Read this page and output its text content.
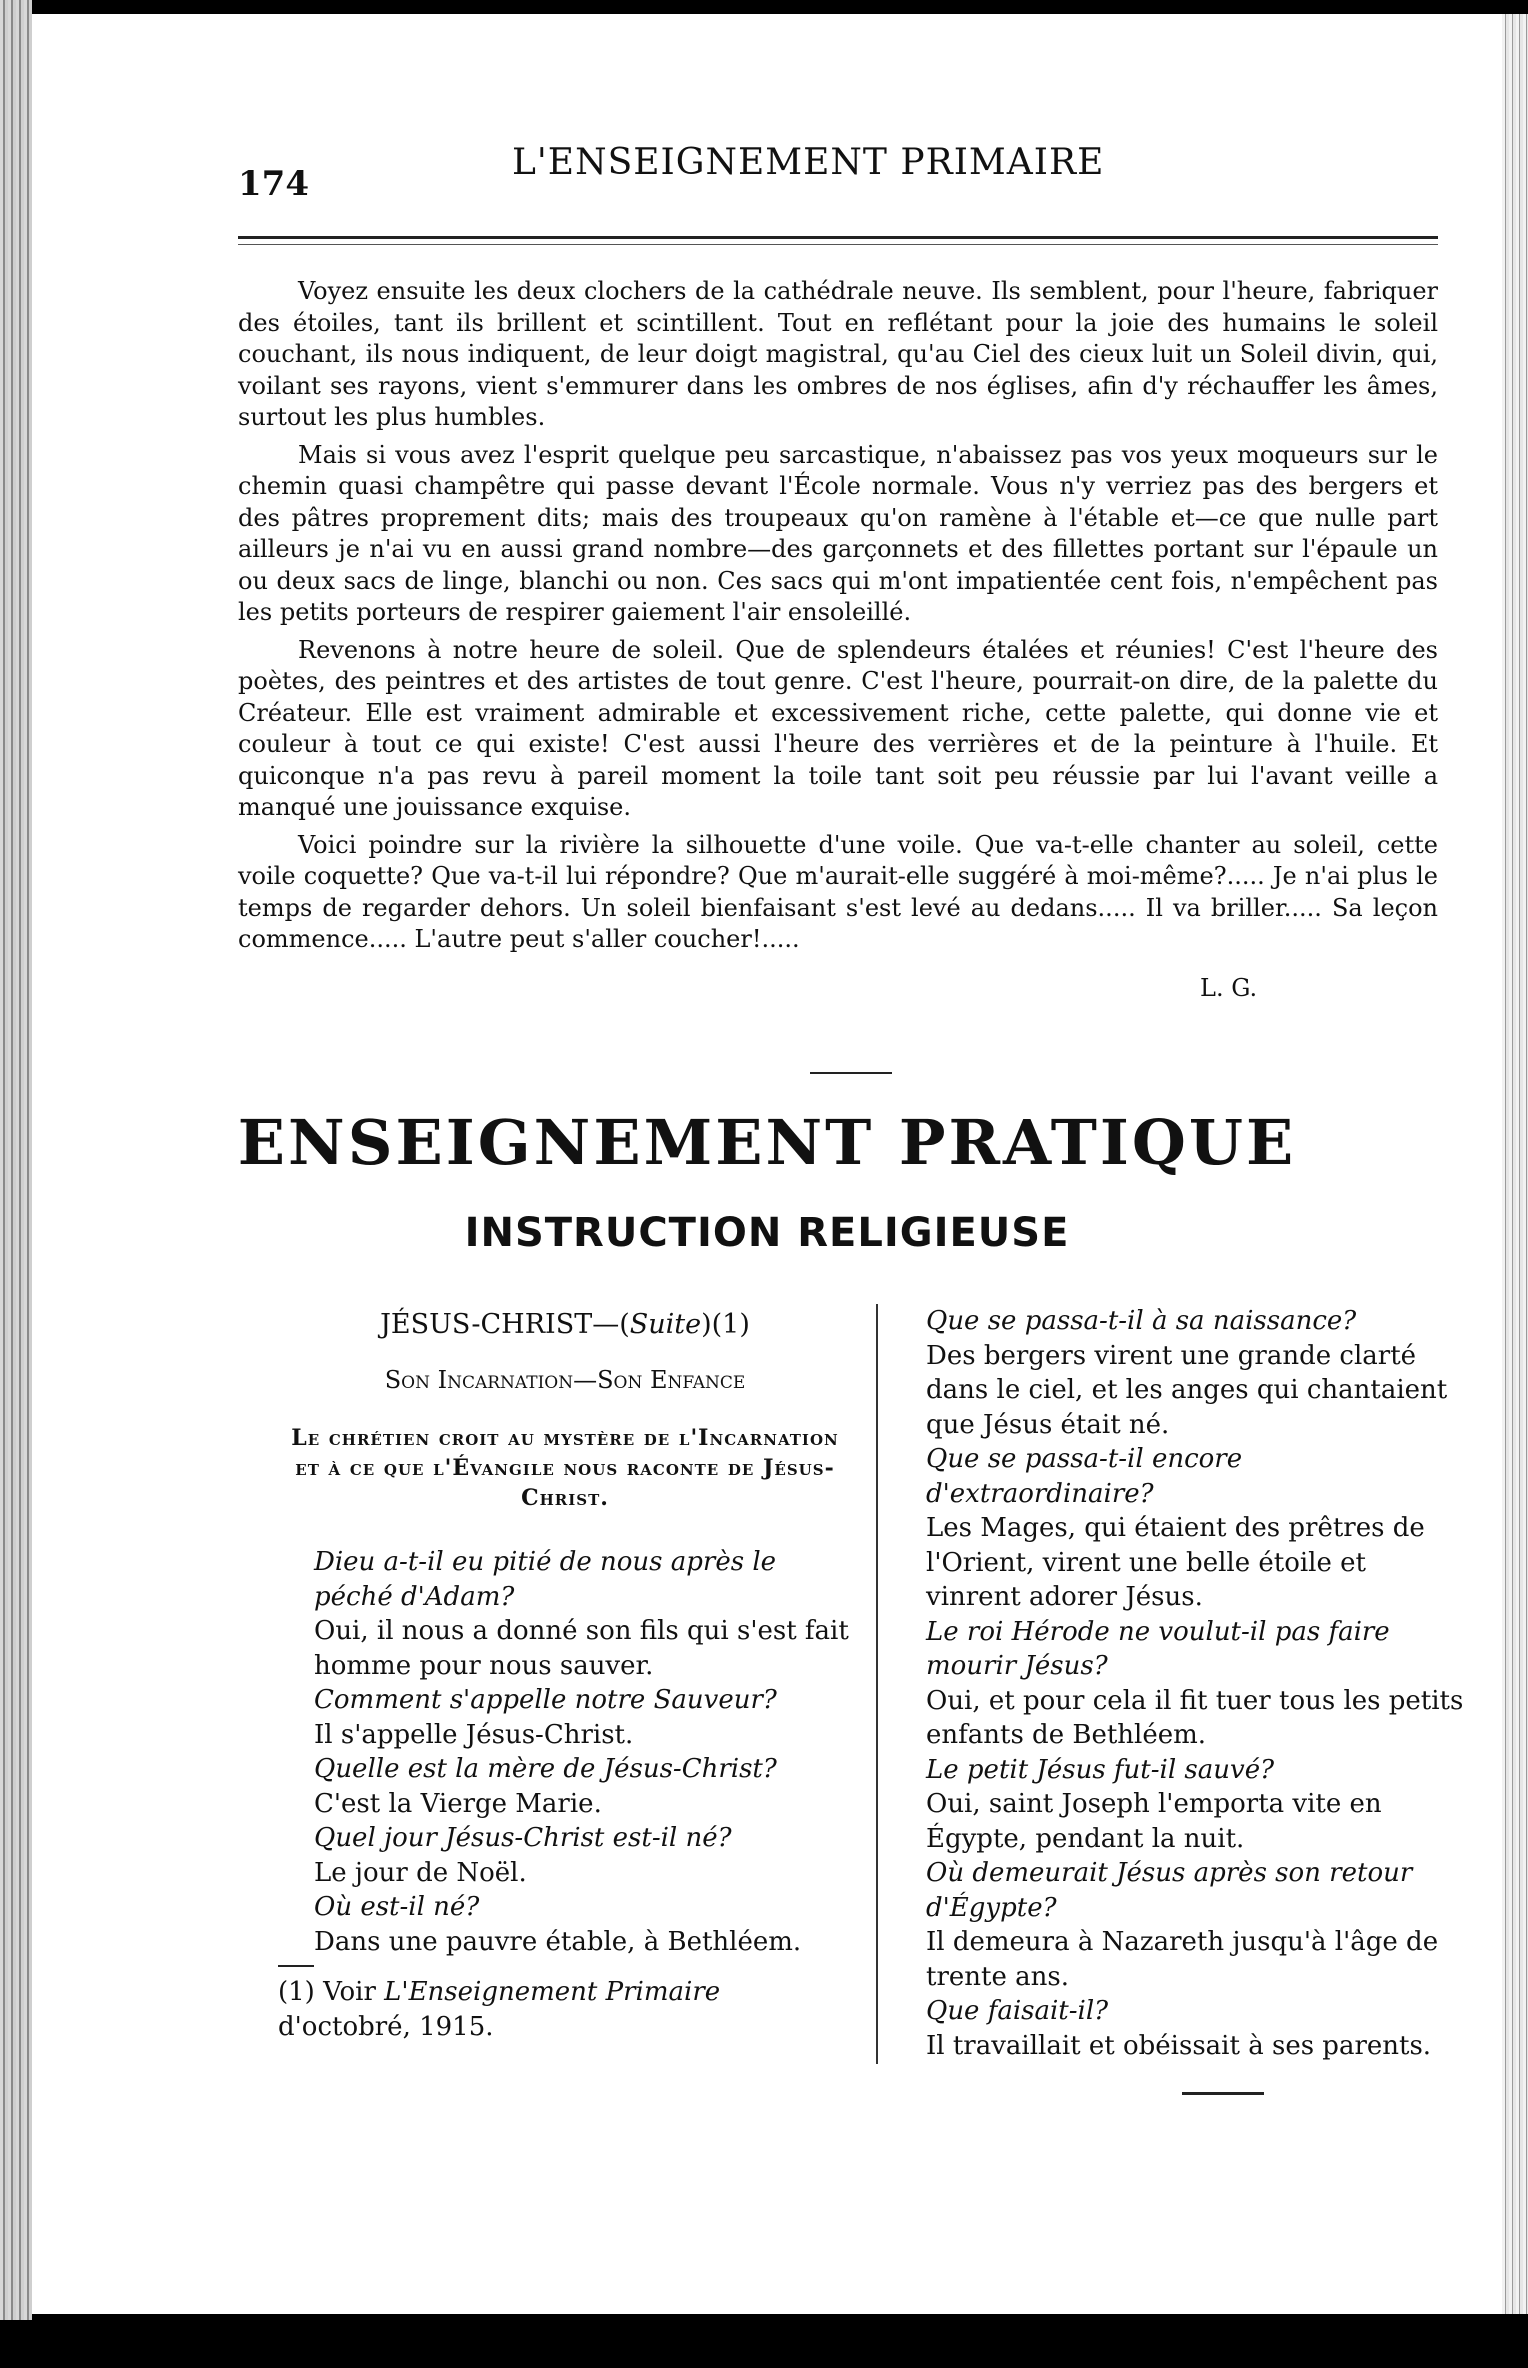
174
L'ENSEIGNEMENT PRIMAIRE

Voyez ensuite les deux clochers de la cathédrale neuve. Ils semblent, pour l'heure, fabriquer des étoiles, tant ils brillent et scintillent. Tout en reflétant pour la joie des humains le soleil couchant, ils nous indiquent, de leur doigt magistral, qu'au Ciel des cieux luit un Soleil divin, qui, voilant ses rayons, vient s'emmurer dans les ombres de nos églises, afin d'y réchauffer les âmes, surtout les plus humbles.

Mais si vous avez l'esprit quelque peu sarcastique, n'abaissez pas vos yeux moqueurs sur le chemin quasi champêtre qui passe devant l'École normale. Vous n'y verriez pas des bergers et des pâtres proprement dits; mais des troupeaux qu'on ramène à l'étable et—ce que nulle part ailleurs je n'ai vu en aussi grand nombre—des garçonnets et des fillettes portant sur l'épaule un ou deux sacs de linge, blanchi ou non. Ces sacs qui m'ont impatientée cent fois, n'empêchent pas les petits porteurs de respirer gaiement l'air ensoleillé.

Revenons à notre heure de soleil. Que de splendeurs étalées et réunies! C'est l'heure des poètes, des peintres et des artistes de tout genre. C'est l'heure, pourrait-on dire, de la palette du Créateur. Elle est vraiment admirable et excessivement riche, cette palette, qui donne vie et couleur à tout ce qui existe! C'est aussi l'heure des verrières et de la peinture à l'huile. Et quiconque n'a pas revu à pareil moment la toile tant soit peu réussie par lui l'avant veille a manqué une jouissance exquise.

Voici poindre sur la rivière la silhouette d'une voile. Que va-t-elle chanter au soleil, cette voile coquette? Que va-t-il lui répondre? Que m'aurait-elle suggéré à moi-même?..... Je n'ai plus le temps de regarder dehors. Un soleil bienfaisant s'est levé au dedans..... Il va briller..... Sa leçon commence..... L'autre peut s'aller coucher!.....

L. G.
ENSEIGNEMENT PRATIQUE
INSTRUCTION RELIGIEUSE

JÉSUS-CHRIST—(Suite)(1)

Son Incarnation—Son Enfance

Le chrétien croit au mystère de l'Incarnation et à ce que l'Évangile nous raconte de Jésus-Christ.

Dieu a-t-il eu pitié de nous après le péché d'Adam?

Oui, il nous a donné son fils qui s'est fait homme pour nous sauver.

Comment s'appelle notre Sauveur?

Il s'appelle Jésus-Christ.

Quelle est la mère de Jésus-Christ?

C'est la Vierge Marie.

Quel jour Jésus-Christ est-il né?

Le jour de Noël.

Où est-il né?

Dans une pauvre étable, à Bethléem.

(1) Voir L'Enseignement Primaire d'octobré, 1915.

Que se passa-t-il à sa naissance?

Des bergers virent une grande clarté dans le ciel, et les anges qui chantaient que Jésus était né.

Que se passa-t-il encore d'extraordinaire?

Les Mages, qui étaient des prêtres de l'Orient, virent une belle étoile et vinrent adorer Jésus.

Le roi Hérode ne voulut-il pas faire mourir Jésus?

Oui, et pour cela il fit tuer tous les petits enfants de Bethléem.

Le petit Jésus fut-il sauvé?

Oui, saint Joseph l'emporta vite en Égypte, pendant la nuit.

Où demeurait Jésus après son retour d'Égypte?

Il demeura à Nazareth jusqu'à l'âge de trente ans.

Que faisait-il?

Il travaillait et obéissait à ses parents.
